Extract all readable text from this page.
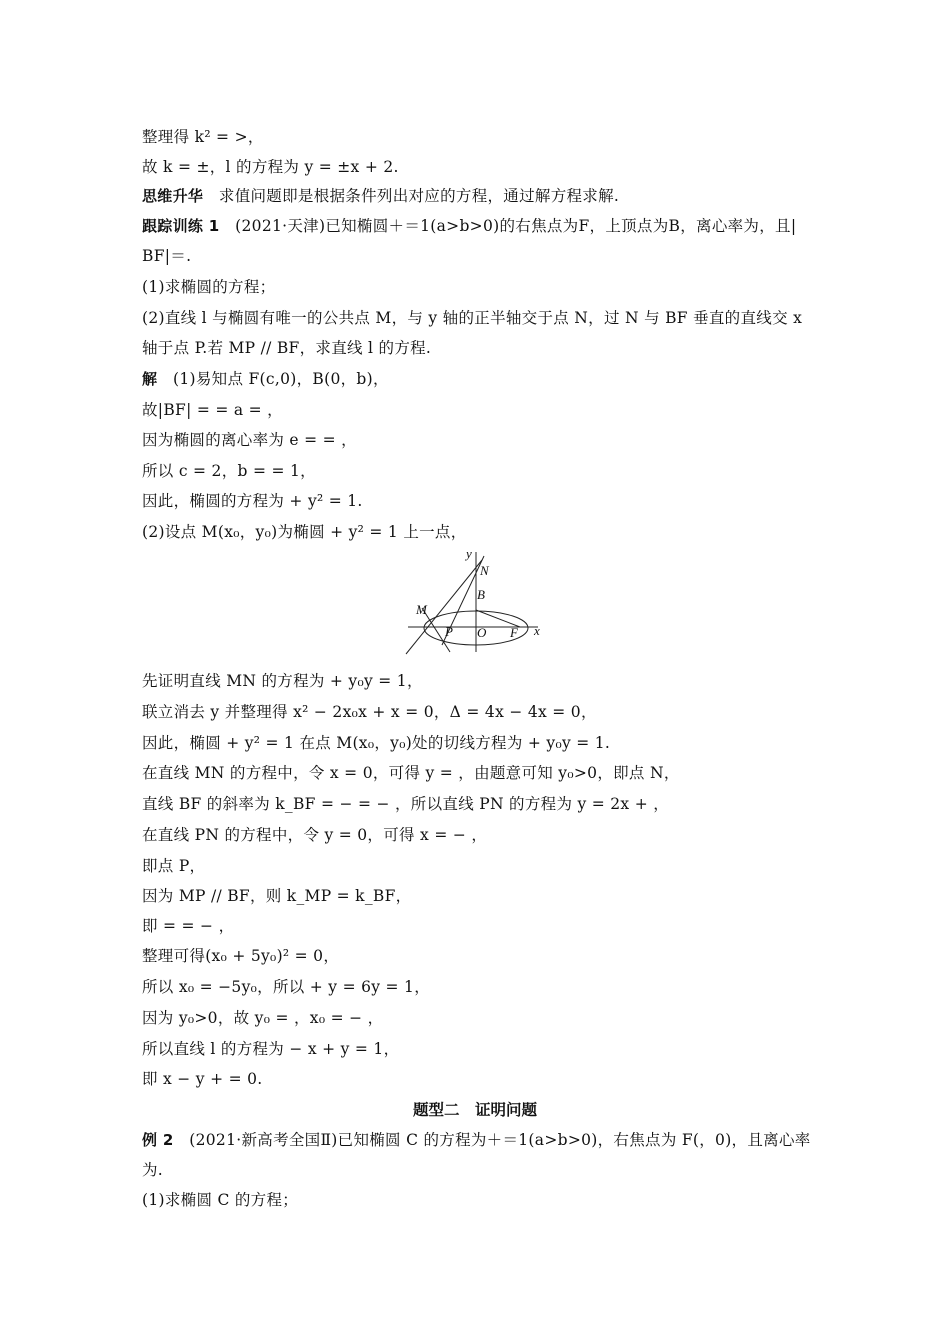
整理得 k² = >，
故 k = ±，l 的方程为 y = ±x + 2.
思维升华 求值问题即是根据条件列出对应的方程，通过解方程求解.
跟踪训练 1 (2021·天津)已知椭圆＋＝1(a>b>0)的右焦点为F，上顶点为B，离心率为，且|
BF|＝.
(1)求椭圆的方程；
(2)直线 l 与椭圆有唯一的公共点 M，与 y 轴的正半轴交于点 N，过 N 与 BF 垂直的直线交 x
轴于点 P.若 MP // BF，求直线 l 的方程.
解 (1)易知点 F(c,0)，B(0，b)，
故|BF| = = a = ，
因为椭圆的离心率为 e = = ，
所以 c = 2，b = = 1，
因此，椭圆的方程为 + y² = 1.
(2)设点 M(x₀，y₀)为椭圆 + y² = 1 上一点，
y
N
B
M
P O F x
先证明直线 MN 的方程为 + y₀y = 1，
联立消去 y 并整理得 x² − 2x₀x + x = 0，Δ = 4x − 4x = 0，
因此，椭圆 + y² = 1 在点 M(x₀，y₀)处的切线方程为 + y₀y = 1.
在直线 MN 的方程中，令 x = 0，可得 y = ，由题意可知 y₀>0，即点 N，
直线 BF 的斜率为 k_BF = − = − ，所以直线 PN 的方程为 y = 2x + ，
在直线 PN 的方程中，令 y = 0，可得 x = − ，
即点 P，
因为 MP // BF，则 k_MP = k_BF，
即 = = − ，
整理可得(x₀ + 5y₀)² = 0，
所以 x₀ = −5y₀，所以 + y = 6y = 1，
因为 y₀>0，故 y₀ = ，x₀ = − ，
所以直线 l 的方程为 − x + y = 1，
即 x − y + = 0.
题型二　证明问题
例 2 (2021·新高考全国Ⅱ)已知椭圆 C 的方程为＋＝1(a>b>0)，右焦点为 F(，0)，且离心率
为.
(1)求椭圆 C 的方程；
